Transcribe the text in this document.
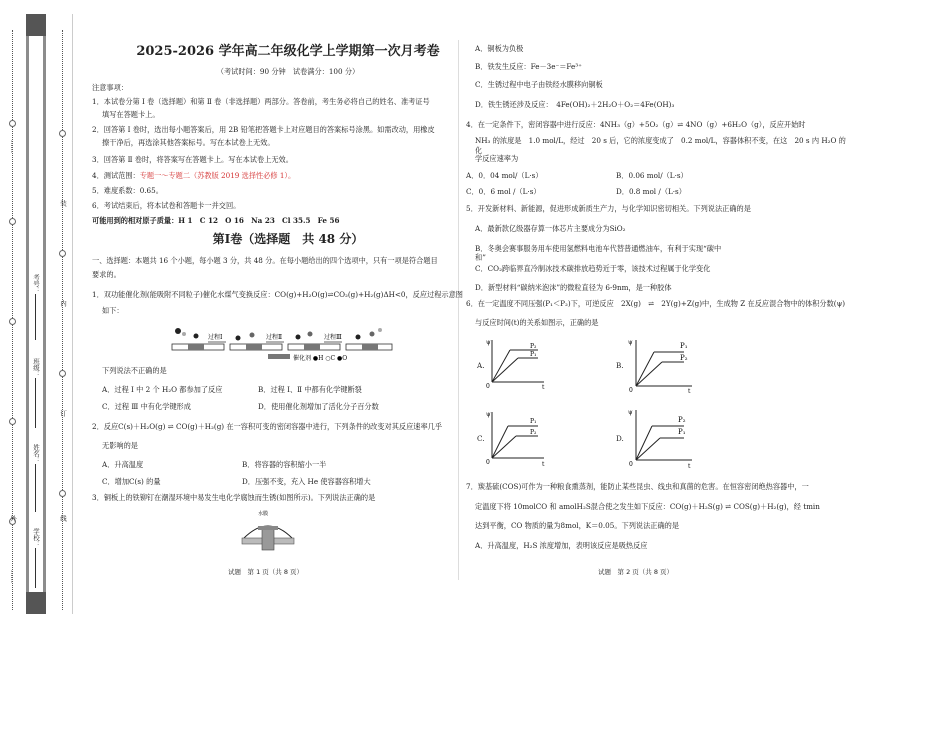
……
外
……
装
订
线
内
考号：
班级：
姓名：
学校：
2025-2026 学年高二年级化学上学期第一次月考卷
（考试时间：90 分钟　试卷满分：100 分）
注意事项：
1．本试卷分第 Ⅰ 卷（选择题）和第 Ⅱ 卷（非选择题）两部分。答卷前，考生务必将自己的姓名、准考证号
填写在答题卡上。
2．回答第 Ⅰ 卷时，选出每小题答案后，用 2B 铅笔把答题卡上对应题目的答案标号涂黑。如需改动，用橡皮
擦干净后，再选涂其他答案标号。写在本试卷上无效。
3．回答第 Ⅱ 卷时，将答案写在答题卡上。写在本试卷上无效。
4．测试范围：专题一～专题二（苏教版 2019 选择性必修 1）。
5．难度系数：0.65。
6．考试结束后，将本试卷和答题卡一并交回。
可能用到的相对原子质量：H 1　C 12　O 16　Na 23　Cl 35.5　Fe 56
第Ⅰ卷（选择题　共 48 分）
一、选择题：本题共 16 个小题，每小题 3 分，共 48 分。在每小题给出的四个选项中，只有一项是符合题目
要求的。
1．双功能催化剂(能吸附不同粒子)催化水煤气变换反应：CO(g)+H₂O(g)⇌CO₂(g)+H₂(g)ΔH<0，反应过程示意图
如下：
过程Ⅰ	过程Ⅱ	过程Ⅲ
催化剂 ●H ○C ●O
下列说法不正确的是
A．过程 Ⅰ 中 2 个 H₂O 都参加了反应	B．过程 Ⅰ、Ⅱ 中都有化学键断裂
C．过程 Ⅲ 中有化学键形成	D．使用催化剂增加了活化分子百分数
2．反应C(s)＋H₂O(g) ⇌ CO(g)＋H₂(g) 在一容积可变的密闭容器中进行，下列条件的改变对其反应速率几乎
无影响的是
A．升高温度	B．将容器的容积缩小一半
C．增加C(s) 的量	D．压强不变，充入 He 使容器容积增大
3．铜板上的铁铆钉在潮湿环境中易发生电化学腐蚀而生锈(如图所示)。下列说法正确的是
水膜
试题　第 1 页（共 8 页）
A．铜板为负极
B．铁发生反应：Fe－3e⁻＝Fe³⁺
C．生锈过程中电子由铁经水膜移向铜板
D．铁生锈还涉及反应：　 4Fe(OH)₂＋2H₂O＋O₂＝4Fe(OH)₃
4．在一定条件下，密闭容器中进行反应：4NH₃（g）+5O₂（g）⇌ 4NO（g）+6H₂O（g），反应开始时
NH₃ 的浓度是　1.0 mol/L，经过　20 s 后，它的浓度变成了　0.2 mol/L，容器体积不变，在这　20 s 内 H₂O 的
化
学反应速率为
A．0．04 mol/（L·s）	B．0.06 mol/（L·s）
C．0．6 mol /（L·s）	D．0.8 mol /（L·s）
5．开发新材料、新能源，促进形成新质生产力，与化学知识密切相关。下列说法正确的是
A．最新款亿级器存算一体芯片主要成分为SiO₂
B．冬奥会赛事服务用车使用氢燃料电池车代替普通燃油车，有利于实现“碳中
和”
C．CO₂跨临界直冷制冰技术碳排放趋势近于零，该技术过程属于化学变化
D．新型材料“碳纳米泡沫”的微粒直径为 6-9nm，是一种胶体
6．在一定温度不同压强(P₁＜P₂)下，可逆反应　2X(g)　⇌　2Y(g)+Z(g)中，生成物 Z 在反应混合物中的体积分数(ψ)
与反应时间(t)的关系如图示，正确的是
A.
ψ
t
0
P₂
P₁
B.
ψ
t
0
P₁
P₂
C.
ψ
t
0
P₁
P₂
D.
ψ
t
0
P₂
P₁
7．羰基硫(COS)可作为一种粮食熏蒸剂，能防止某些昆虫、线虫和真菌的危害。在恒容密闭绝热容器中，一
定温度下将 10molCO 和 amolH₂S混合使之发生如下反应：CO(g)＋H₂S(g) ⇌ COS(g)＋H₂(g)，经 tmin
达到平衡，CO 物质的量为8mol，K＝0.05。下列说法正确的是
A．升高温度，H₂S 浓度增加，表明该反应是吸热反应
试题　第 2 页（共 8 页）
